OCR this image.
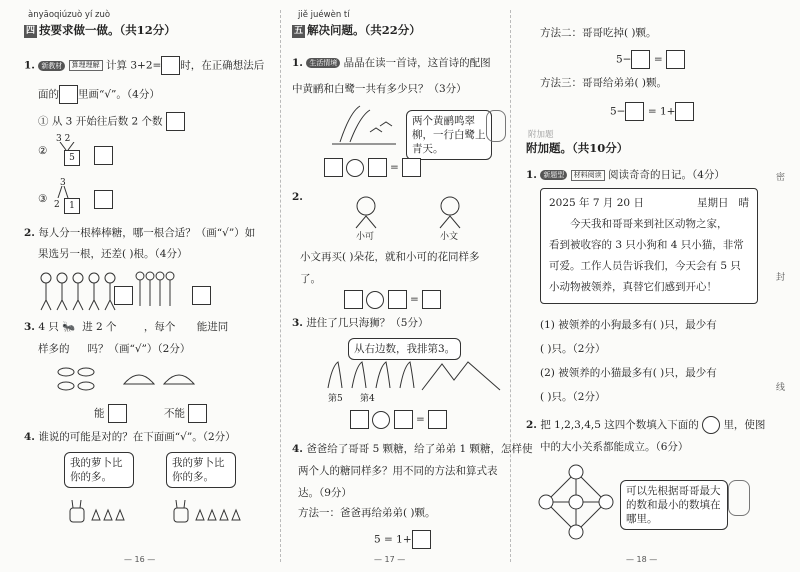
ànyāoqiúzuò yí zuò
四 按要求做一做。（共12分）
1. 新教材 算理理解 计算 3+2= 时，在正确想法后
面的 里画“√”。（4分）
① 从 3 开始往后数 2 个数
②
3 2
5
③
3
2	1
2. 每人分一根棒棒糖，哪一根合适？（画“√”）如
果选另一根，还差( )根。（4分）
3. 4 只 🐜 进 2 个	，每个 能进同
样多的 吗？（画“√”）（2分）
能	不能
4. 谁说的可能是对的？在下面画“√”。（2分）
我的萝卜比你的多。
我的萝卜比你的多。
— 16 —
jiě juéwèn tí
五 解决问题。（共22分）
1. 生活情境 晶晶在读一首诗，这首诗的配图
中黄鹂和白鹭一共有多少只？（3分）
两个黄鹂鸣翠柳，一行白鹭上青天。
=
2.
小可	小文
小文再买( )朵花，就和小可的花同样多
了。
=
3. 进住了几只海狮？（5分）
从右边数，我排第3。
第5 第4
=
4. 爸爸给了哥哥 5 颗糖，给了弟弟 1 颗糖，怎样使
两个人的糖同样多？用不同的方法和算式表
达。（9分）
方法一：爸爸再给弟弟( )颗。
5 = 1+
— 17 —
方法二：哥哥吃掉( )颗。
5− =
方法三：哥哥给弟弟( )颗。
5− = 1+
附加题
附加题。（共10分）
1. 新题型 材料阅读 阅读奇奇的日记。（4分）
2025 年 7 月 20 日	星期日 晴
今天我和哥哥来到社区动物之家，
看到被收容的 3 只小狗和 4 只小猫，非常
可爱。工作人员告诉我们，今天会有 5 只
小动物被领养，真替它们感到开心！
(1) 被领养的小狗最多有( )只，最少有
( )只。（2分）
(2) 被领养的小猫最多有( )只，最少有
( )只。（2分）
2. 把 1,2,3,4,5 这四个数填入下面的 里，使图
中的大小关系都能成立。（6分）
可以先根据哥哥最大的数和最小的数填在哪里。
— 18 —
密
封
线
